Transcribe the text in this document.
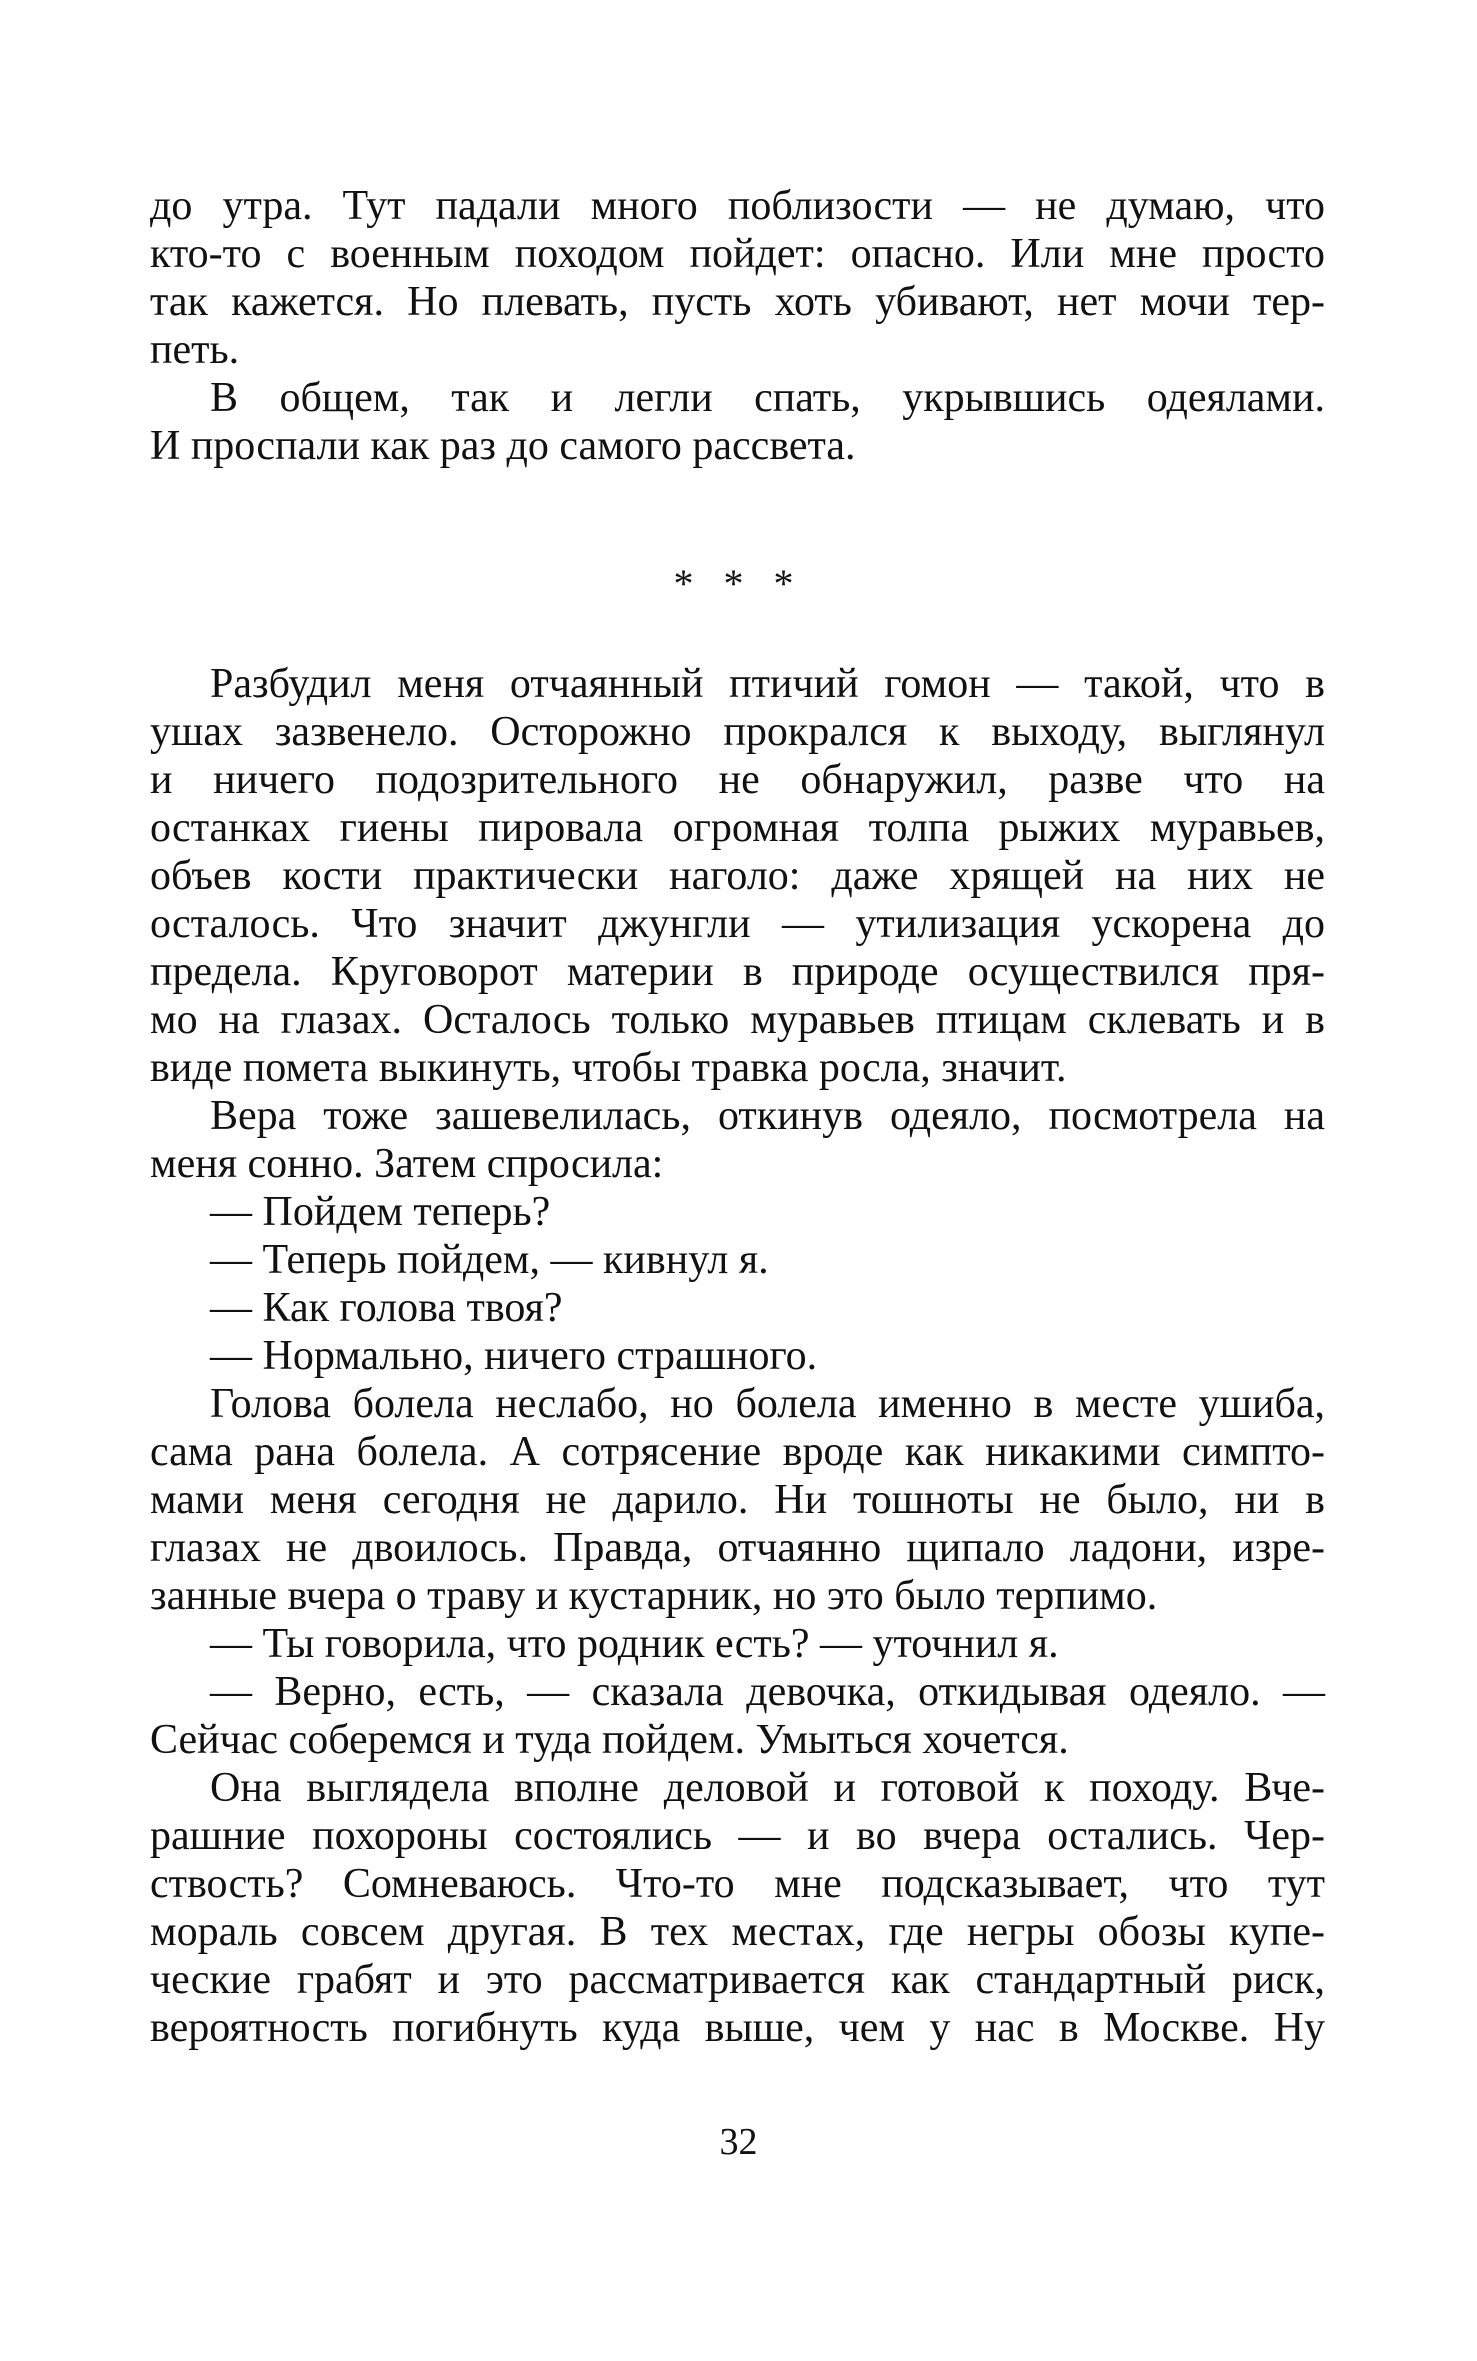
до утра. Тут падали много поблизости — не думаю, что
кто-то с военным походом пойдет: опасно. Или мне просто
так кажется. Но плевать, пусть хоть убивают, нет мочи тер-
петь.
В общем, так и легли спать, укрывшись одеялами.
И проспали как раз до самого рассвета.
* * *
Разбудил меня отчаянный птичий гомон — такой, что в
ушах зазвенело. Осторожно прокрался к выходу, выглянул
и ничего подозрительного не обнаружил, разве что на
останках гиены пировала огромная толпа рыжих муравьев,
объев кости практически наголо: даже хрящей на них не
осталось. Что значит джунгли — утилизация ускорена до
предела. Круговорот материи в природе осуществился пря-
мо на глазах. Осталось только муравьев птицам склевать и в
виде помета выкинуть, чтобы травка росла, значит.
Вера тоже зашевелилась, откинув одеяло, посмотрела на
меня сонно. Затем спросила:
— Пойдем теперь?
— Теперь пойдем, — кивнул я.
— Как голова твоя?
— Нормально, ничего страшного.
Голова болела неслабо, но болела именно в месте ушиба,
сама рана болела. А сотрясение вроде как никакими симпто-
мами меня сегодня не дарило. Ни тошноты не было, ни в
глазах не двоилось. Правда, отчаянно щипало ладони, изре-
занные вчера о траву и кустарник, но это было терпимо.
— Ты говорила, что родник есть? — уточнил я.
— Верно, есть, — сказала девочка, откидывая одеяло. —
Сейчас соберемся и туда пойдем. Умыться хочется.
Она выглядела вполне деловой и готовой к походу. Вче-
рашние похороны состоялись — и во вчера остались. Чер-
ствость? Сомневаюсь. Что-то мне подсказывает, что тут
мораль совсем другая. В тех местах, где негры обозы купе-
ческие грабят и это рассматривается как стандартный риск,
вероятность погибнуть куда выше, чем у нас в Москве. Ну
32
